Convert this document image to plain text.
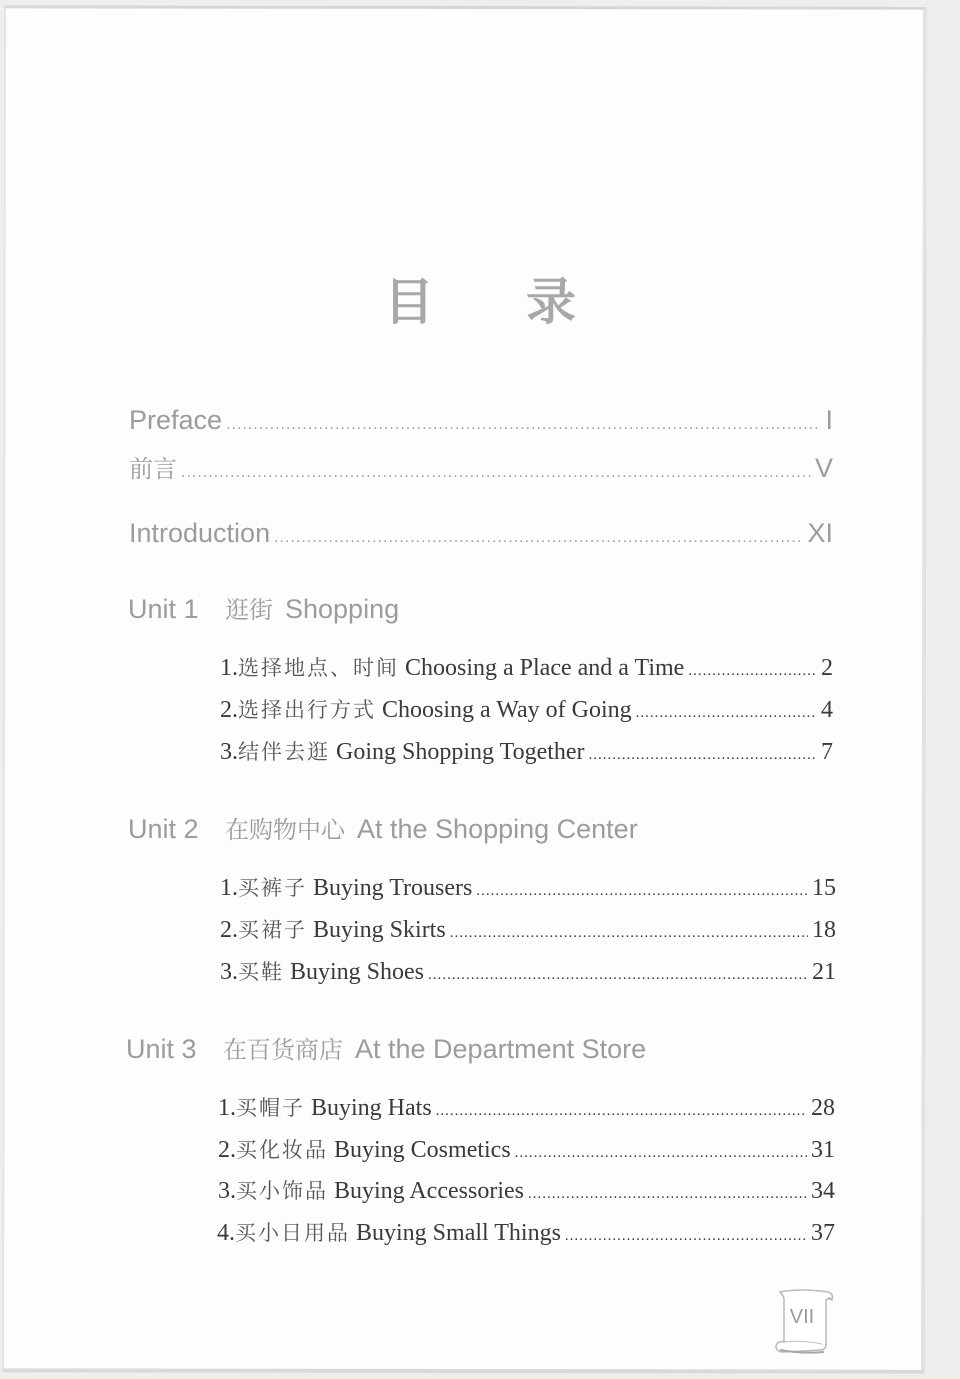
目 录
Preface .....	I
前言 .....	V
Introduction .....	XI
Unit 1	逛街 Shopping
1. 选择地点、时间 Choosing a Place and a Time .....	2
2. 选择出行方式 Choosing a Way of Going .....	4
3. 结伴去逛 Going Shopping Together .....	7
Unit 2	在购物中心 At the Shopping Center
1. 买裤子 Buying Trousers .....	15
2. 买裙子 Buying Skirts .....	18
3. 买鞋 Buying Shoes .....	21
Unit 3	在百货商店 At the Department Store
1. 买帽子 Buying Hats .....	28
2. 买化妆品 Buying Cosmetics .....	31
3. 买小饰品 Buying Accessories .....	34
4. 买小日用品 Buying Small Things .....	37
VII
